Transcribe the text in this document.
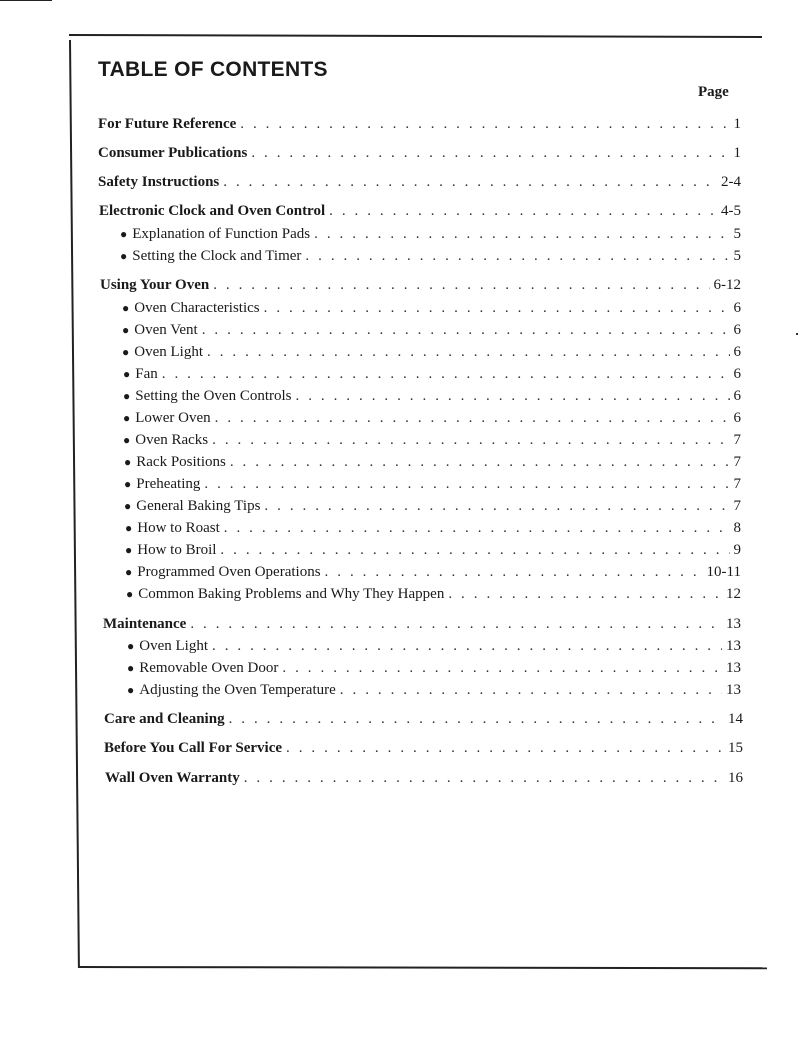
TABLE OF CONTENTS
Page
For Future Reference . . .	1
Consumer Publications . . .	1
Safety Instructions . . .	2-4
Electronic Clock and Oven Control . . .	4-5
● Explanation of Function Pads . . .	5
● Setting the Clock and Timer . . .	5
Using Your Oven . . .	6-12
● Oven Characteristics . . .	6
● Oven Vent . . .	6
● Oven Light . . .	6
● Fan . . .	6
● Setting the Oven Controls . . .	6
● Lower Oven . . .	6
● Oven Racks . . .	7
● Rack Positions . . .	7
● Preheating . . .	7
● General Baking Tips . . .	7
● How to Roast . . .	8
● How to Broil . . .	9
● Programmed Oven Operations . . .	10-11
● Common Baking Problems and Why They Happen . . .	12
Maintenance . . .	13
● Oven Light . . .	13
● Removable Oven Door . . .	13
● Adjusting the Oven Temperature . . .	13
Care and Cleaning . . .	14
Before You Call For Service . . .	15
Wall Oven Warranty . . .	16
